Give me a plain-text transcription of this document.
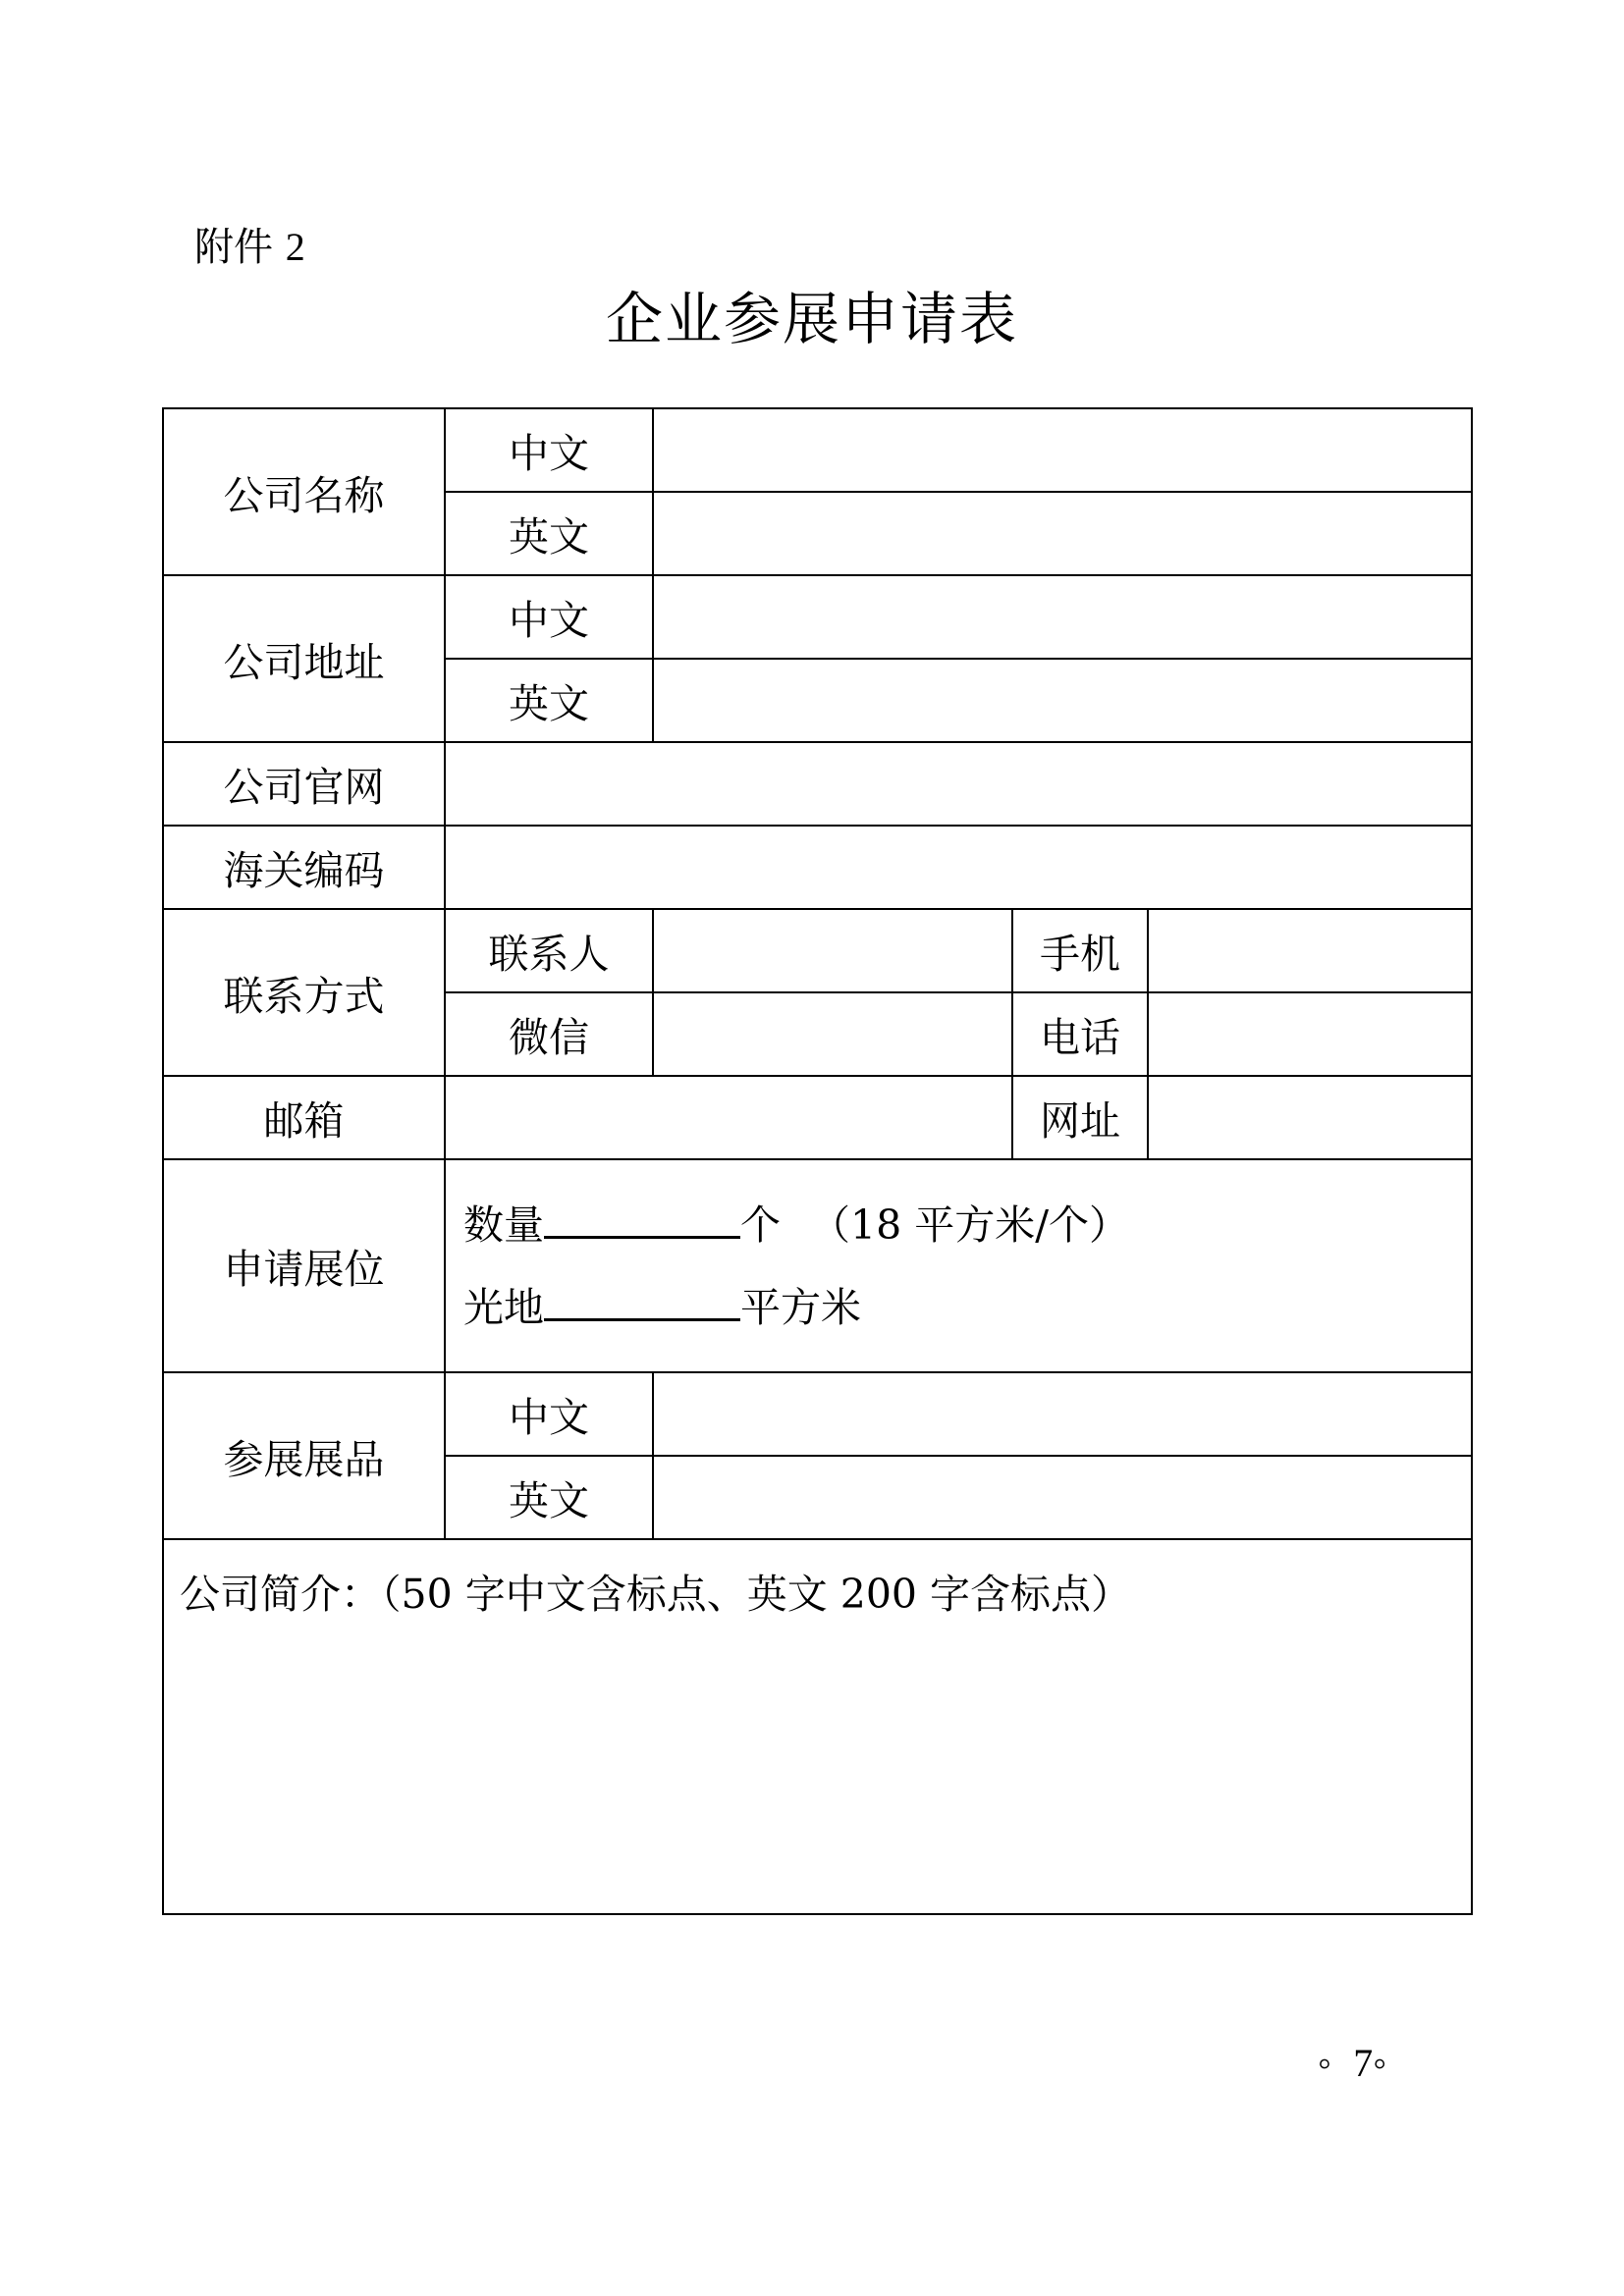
附件 2
企业参展申请表
公司名称	中文			
	英文			
公司地址	中文			
	英文			
公司官网				
海关编码				
联系方式	联系人		手机	
	微信		电话	
邮箱			网址	
申请展位	数量 个 （18 平方米/个）
光地 平方米			

参展展品	中文			
	英文			
公司简介：（50 字中文含标点、英文 200 字含标点）				
◦ 7◦
